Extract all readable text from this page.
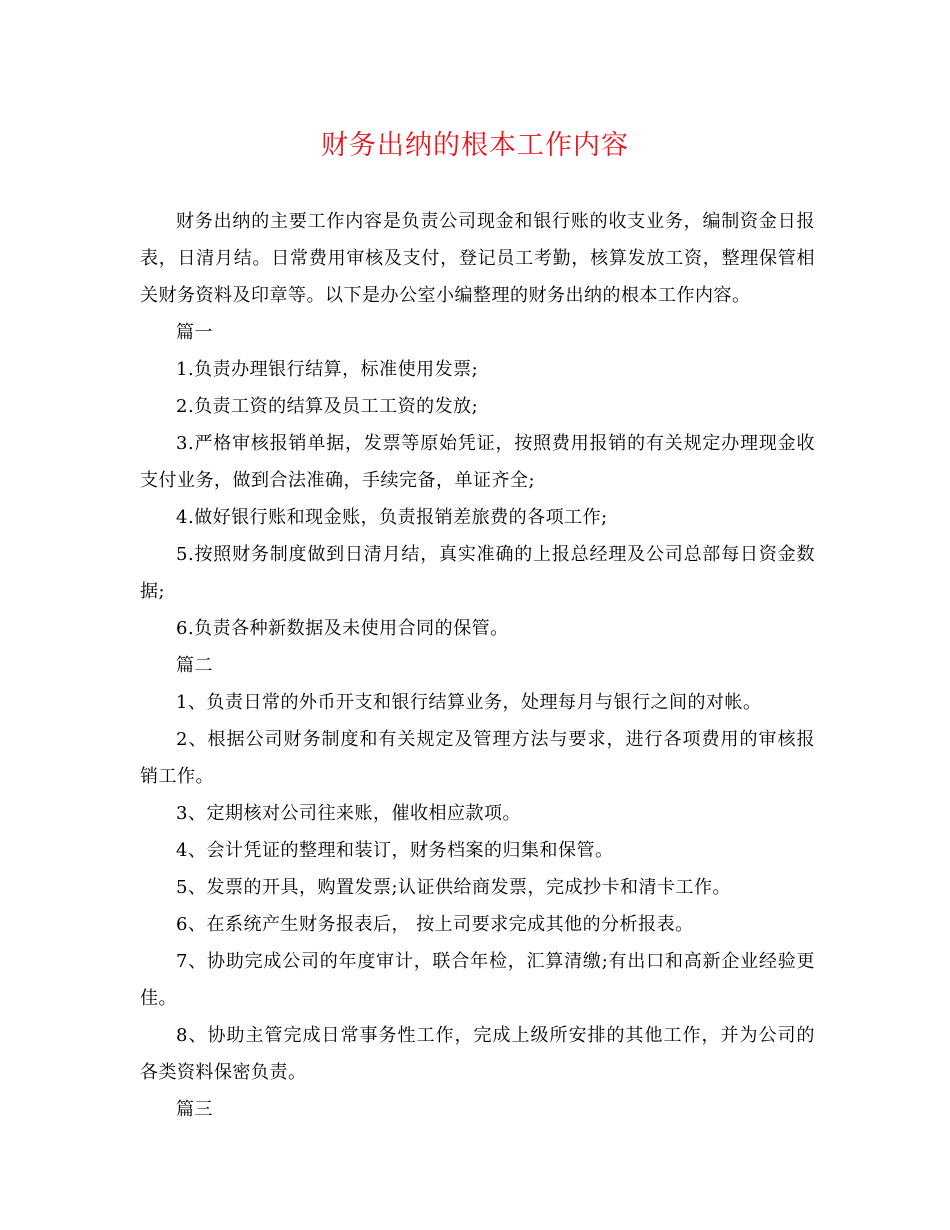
财务出纳的根本工作内容

财务出纳的主要工作内容是负责公司现金和银行账的收支业务，编制资金日报表，日清月结。日常费用审核及支付，登记员工考勤，核算发放工资，整理保管相关财务资料及印章等。以下是办公室小编整理的财务出纳的根本工作内容。

篇一

1.负责办理银行结算，标准使用发票;

2.负责工资的结算及员工工资的发放;

3.严格审核报销单据，发票等原始凭证，按照费用报销的有关规定办理现金收支付业务，做到合法准确，手续完备，单证齐全;

4.做好银行账和现金账，负责报销差旅费的各项工作;

5.按照财务制度做到日清月结，真实准确的上报总经理及公司总部每日资金数据;

6.负责各种新数据及未使用合同的保管。

篇二

1、负责日常的外币开支和银行结算业务，处理每月与银行之间的对帐。

2、根据公司财务制度和有关规定及管理方法与要求，进行各项费用的审核报销工作。

3、定期核对公司往来账，催收相应款项。

4、会计凭证的整理和装订，财务档案的归集和保管。

5、发票的开具，购置发票;认证供给商发票，完成抄卡和清卡工作。

6、在系统产生财务报表后， 按上司要求完成其他的分析报表。

7、协助完成公司的年度审计，联合年检，汇算清缴;有出口和高新企业经验更佳。

8、协助主管完成日常事务性工作，完成上级所安排的其他工作，并为公司的各类资料保密负责。

篇三
